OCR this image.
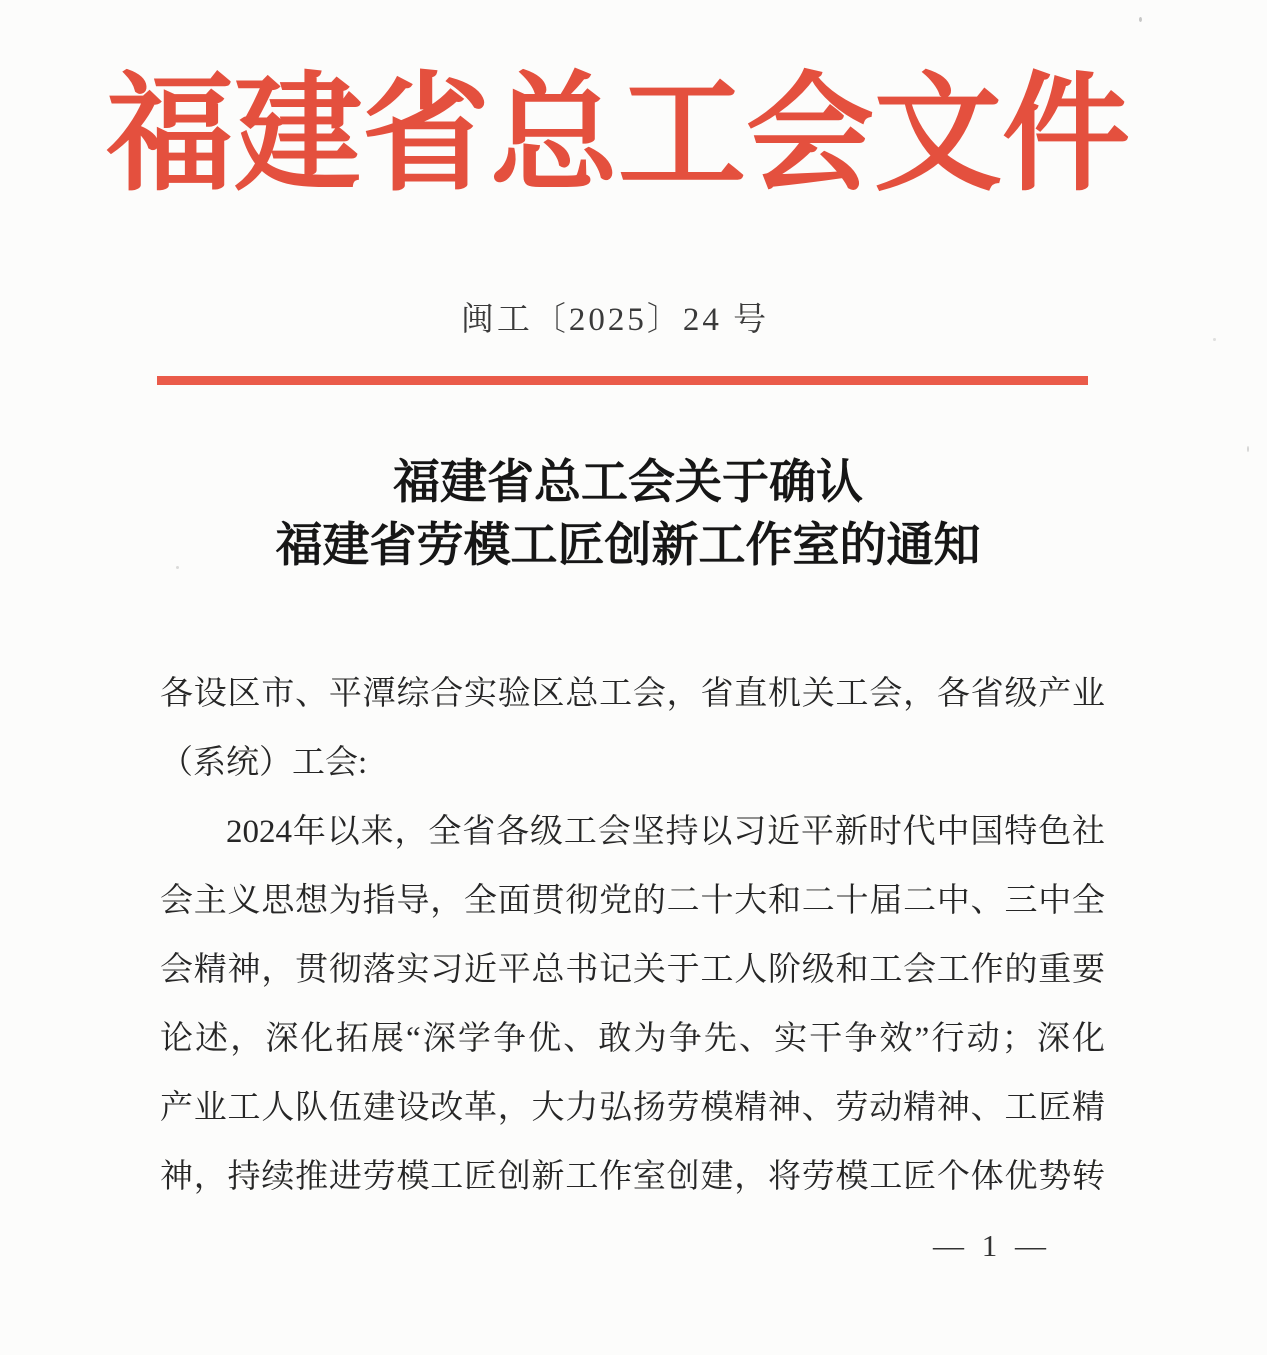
福建省总工会文件
闽工〔2025〕24 号
福建省总工会关于确认
福建省劳模工匠创新工作室的通知
各设区市、平潭综合实验区总工会，省直机关工会，各省级产业
（系统）工会:
2024年以来，全省各级工会坚持以习近平新时代中国特色社
会主义思想为指导，全面贯彻党的二十大和二十届二中、三中全
会精神，贯彻落实习近平总书记关于工人阶级和工会工作的重要
论述，深化拓展“深学争优、敢为争先、实干争效”行动；深化
产业工人队伍建设改革，大力弘扬劳模精神、劳动精神、工匠精
神，持续推进劳模工匠创新工作室创建，将劳模工匠个体优势转
— 1 —
